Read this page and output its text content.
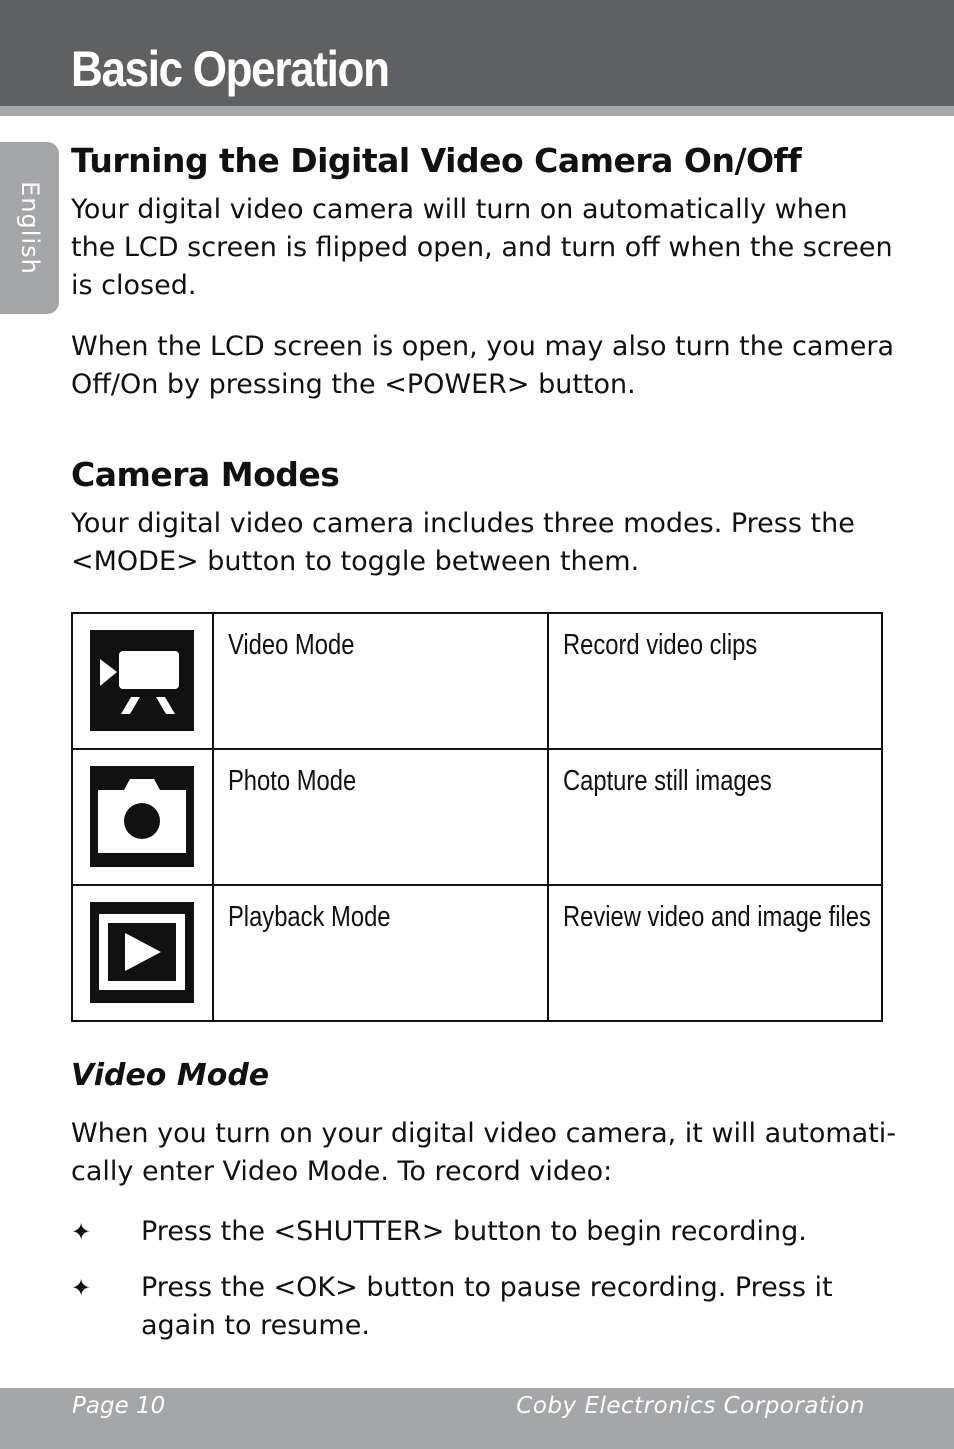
Basic Operation
English
Turning the Digital Video Camera On/Off

Your digital video camera will turn on automatically when
the LCD screen is flipped open, and turn off when the screen
is closed.

When the LCD screen is open, you may also turn the camera
Off/On by pressing the <POWER> button.

Camera Modes

Your digital video camera includes three modes. Press the
<MODE> button to toggle between them.

Video Mode	Record video clips

Photo Mode	Capture still images

Playback Mode	Review video and image files
Video Mode

When you turn on your digital video camera, it will automati-
cally enter Video Mode. To record video:

✦ Press the <SHUTTER> button to begin recording.
✦ Press the <OK> button to pause recording. Press it
again to resume.
Page 10	Coby Electronics Corporation
